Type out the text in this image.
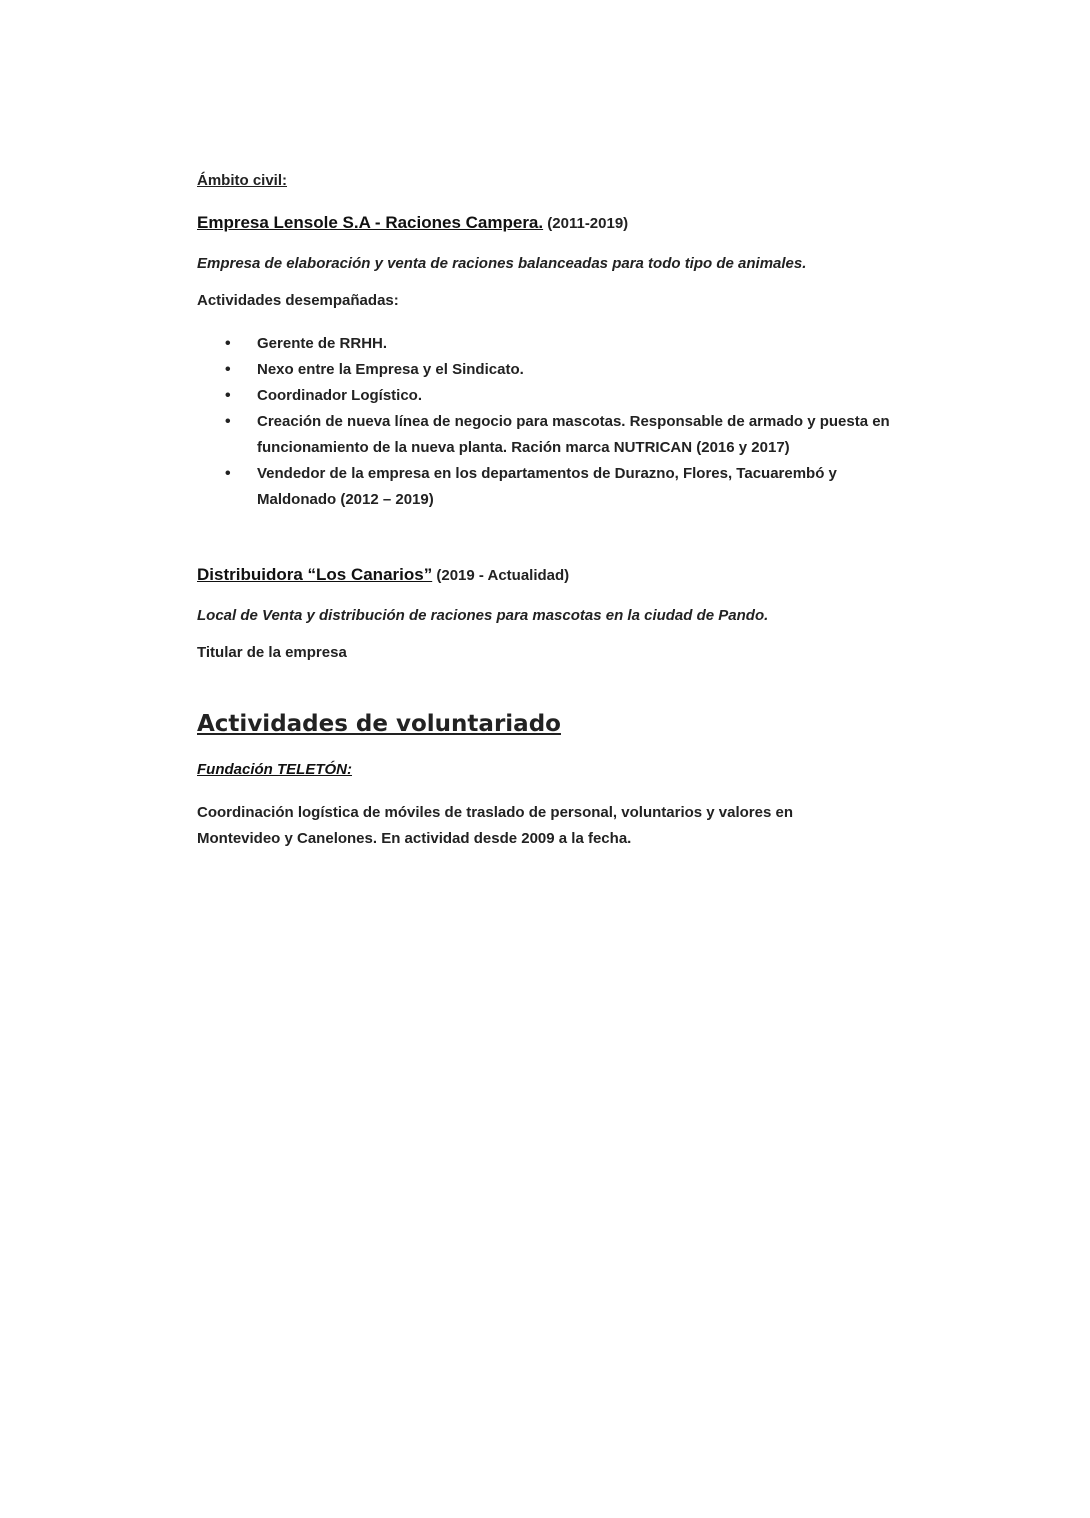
Ámbito civil:
Empresa Lensole S.A - Raciones Campera. (2011-2019)
Empresa de elaboración y venta de raciones balanceadas para todo tipo de animales.
Actividades desempañadas:
• Gerente de RRHH.
• Nexo entre la Empresa y el Sindicato.
• Coordinador Logístico.
• Creación de nueva línea de negocio para mascotas. Responsable de armado y puesta en funcionamiento de la nueva planta. Ración marca NUTRICAN (2016 y 2017)
• Vendedor de la empresa en los departamentos de Durazno, Flores, Tacuarembó y Maldonado (2012 – 2019)
Distribuidora “Los Canarios” (2019 - Actualidad)
Local de Venta y distribución de raciones para mascotas en la ciudad de Pando.
Titular de la empresa
Actividades de voluntariado
Fundación TELETÓN:

Coordinación logística de móviles de traslado de personal, voluntarios y valores en Montevideo y Canelones. En actividad desde 2009 a la fecha.
